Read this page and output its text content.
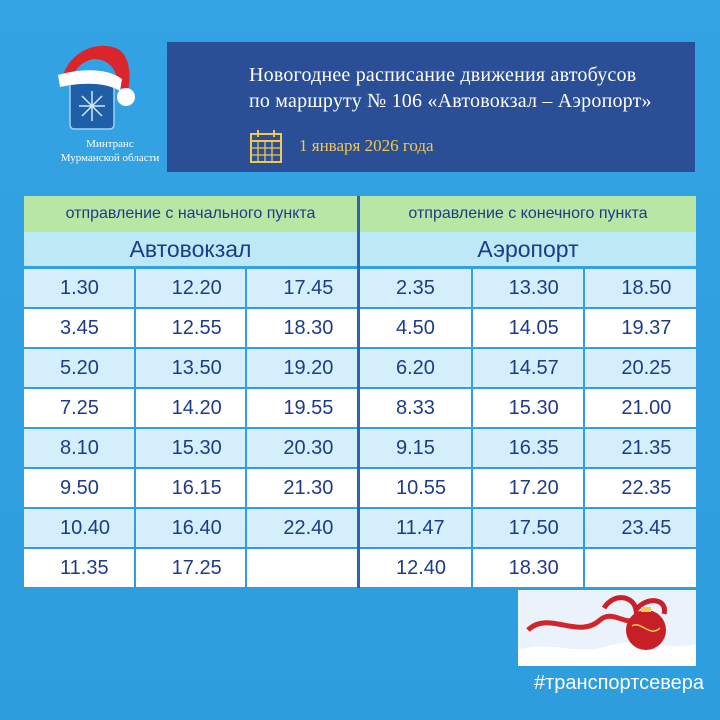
Минтранс
Мурманской области
Новогоднее расписание движения автобусов
по маршруту № 106 «Автовокзал – Аэропорт»
1 января 2026 года
отправление с начального пункта
Автовокзал
1.30	12.20	17.45
3.45	12.55	18.30
5.20	13.50	19.20
7.25	14.20	19.55
8.10	15.30	20.30
9.50	16.15	21.30
10.40	16.40	22.40
11.35	17.25
отправление с конечного пункта
Аэропорт
2.35	13.30	18.50
4.50	14.05	19.37
6.20	14.57	20.25
8.33	15.30	21.00
9.15	16.35	21.35
10.55	17.20	22.35
11.47	17.50	23.45
12.40	18.30
#транспортсевера
